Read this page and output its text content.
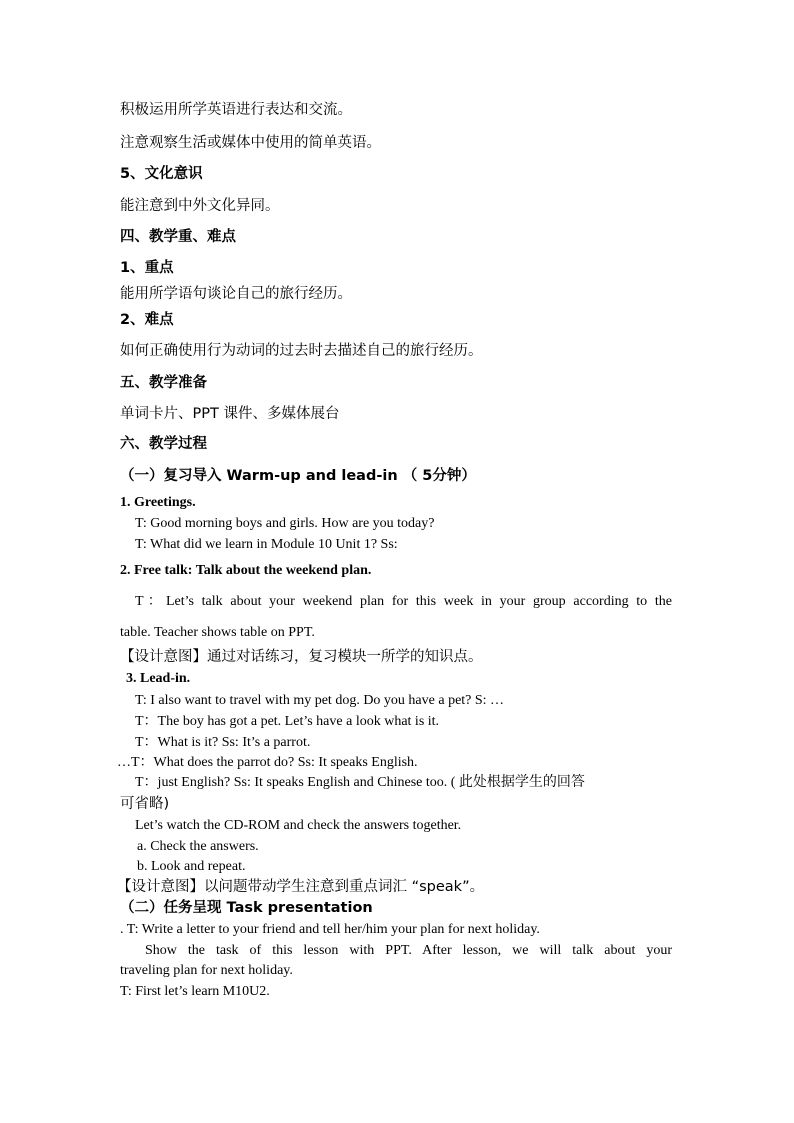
积极运用所学英语进行表达和交流。
注意观察生活或媒体中使用的简单英语。
5、文化意识
能注意到中外文化异同。
四、教学重、难点
1、重点
能用所学语句谈论自己的旅行经历。
2、难点
如何正确使用行为动词的过去时去描述自己的旅行经历。
五、教学准备
单词卡片、PPT 课件、多媒体展台
六、教学过程
（一）复习导入 Warm-up and lead-in （ 5分钟）
1. Greetings.
T: Good morning boys and girls. How are you today?
T: What did we learn in Module 10 Unit 1? Ss:
2. Free talk: Talk about the weekend plan.
T：Let’s talk about your weekend plan for this week in your group according to the
table. Teacher shows table on PPT.
【设计意图】通过对话练习，复习模块一所学的知识点。
3. Lead-in.
T: I also want to travel with my pet dog. Do you have a pet? S: …
T：The boy has got a pet. Let’s have a look what is it.
T：What is it? Ss: It’s a parrot.
…T：What does the parrot do? Ss: It speaks English.
T：just English? Ss: It speaks English and Chinese too. ( 此处根据学生的回答
可省略)
Let’s watch the CD-ROM and check the answers together.
a. Check the answers.
b. Look and repeat.
【设计意图】以问题带动学生注意到重点词汇 “speak”。
（二）任务呈现 Task presentation
. T: Write a letter to your friend and tell her/him your plan for next holiday.
Show the task of this lesson with PPT. After lesson, we will talk about your
traveling plan for next holiday.
T: First let’s learn M10U2.
